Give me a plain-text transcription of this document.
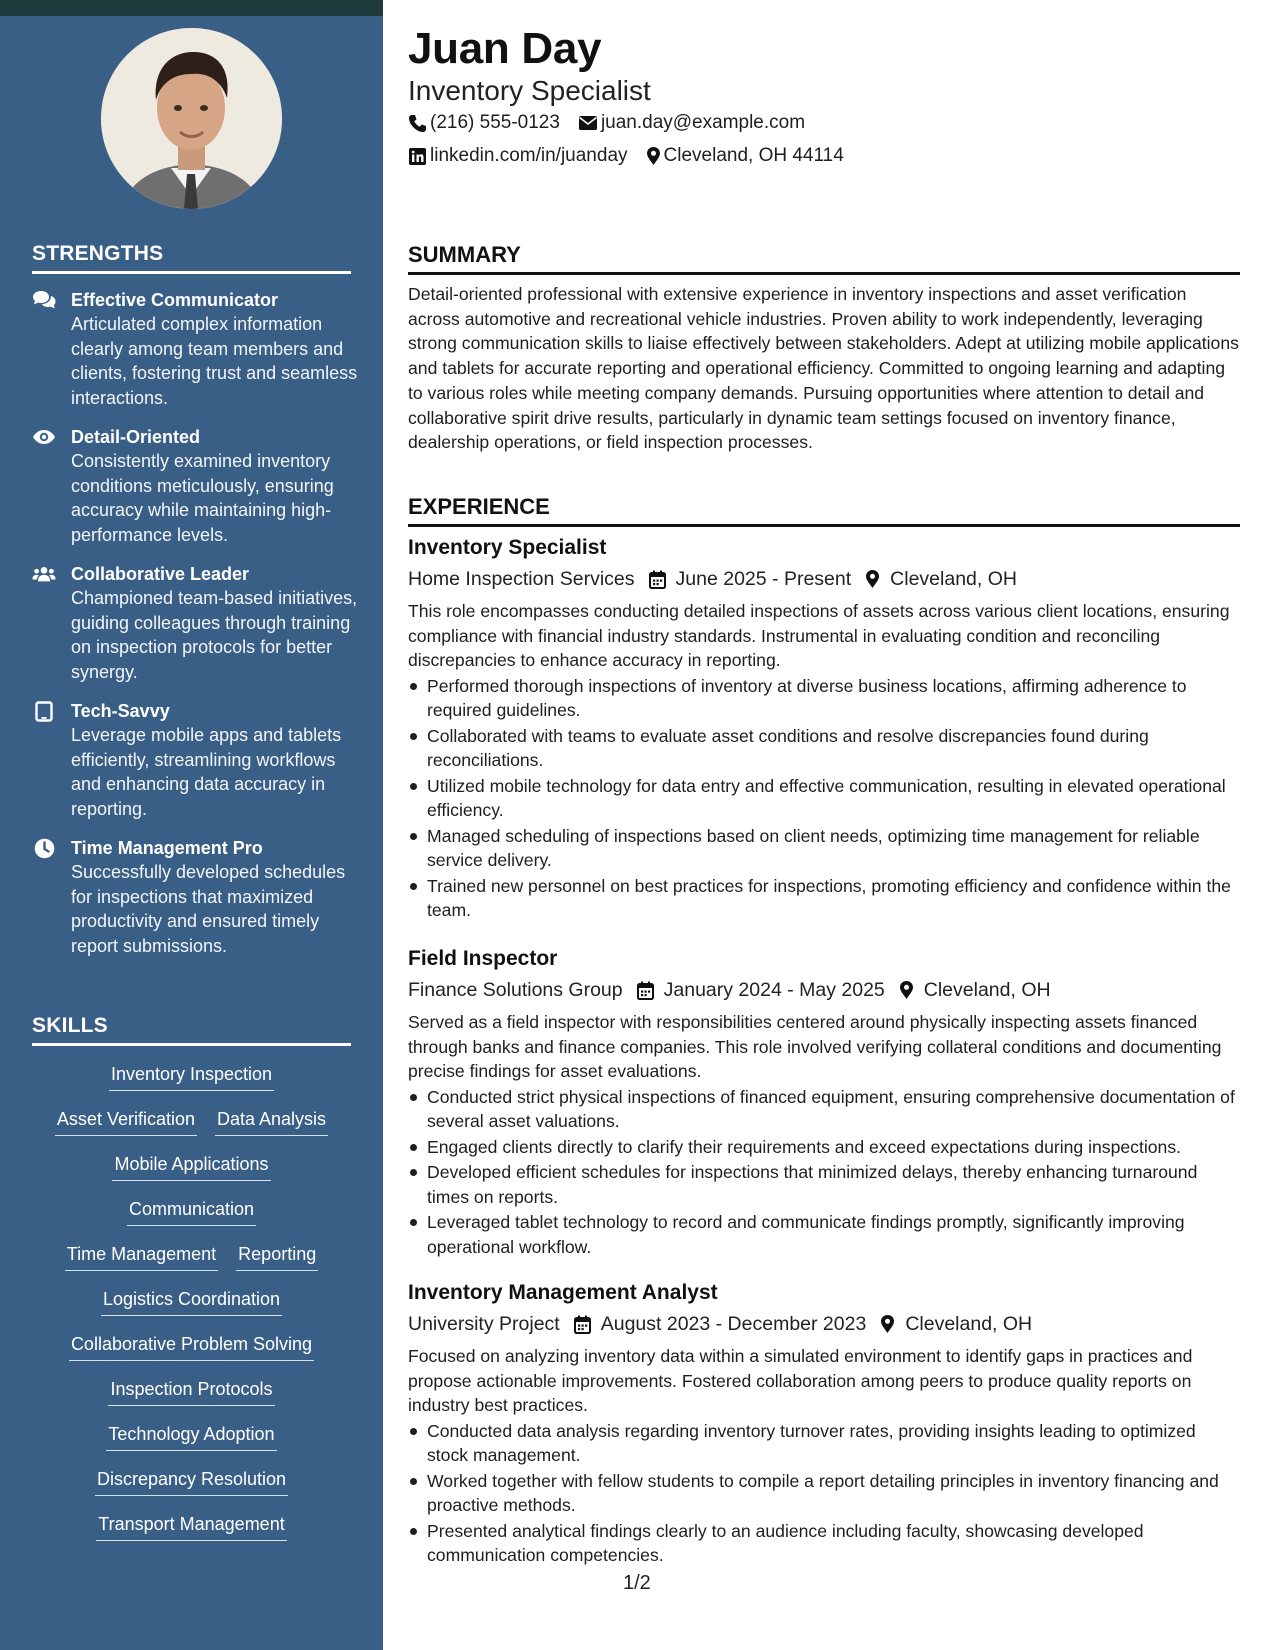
STRENGTHS
Effective Communicator
Articulated complex information clearly among team members and clients, fostering trust and seamless interactions.
Detail-Oriented
Consistently examined inventory conditions meticulously, ensuring accuracy while maintaining high-performance levels.
Collaborative Leader
Championed team-based initiatives, guiding colleagues through training on inspection protocols for better synergy.
Tech-Savvy
Leverage mobile apps and tablets efficiently, streamlining workflows and enhancing data accuracy in reporting.
Time Management Pro
Successfully developed schedules for inspections that maximized productivity and ensured timely report submissions.
SKILLS
Inventory Inspection
Asset Verification Data Analysis
Mobile Applications
Communication
Time Management Reporting
Logistics Coordination
Collaborative Problem Solving
Inspection Protocols
Technology Adoption
Discrepancy Resolution
Transport Management
Juan Day
Inventory Specialist
(216) 555-0123 juan.day@example.com
linkedin.com/in/juanday Cleveland, OH 44114
SUMMARY

Detail-oriented professional with extensive experience in inventory inspections and asset verification across automotive and recreational vehicle industries. Proven ability to work independently, leveraging strong communication skills to liaise effectively between stakeholders. Adept at utilizing mobile applications and tablets for accurate reporting and operational efficiency. Committed to ongoing learning and adapting to various roles while meeting company demands. Pursuing opportunities where attention to detail and collaborative spirit drive results, particularly in dynamic team settings focused on inventory finance, dealership operations, or field inspection processes.

EXPERIENCE
Inventory Specialist
Home Inspection Services June 2025 - Present Cleveland, OH

This role encompasses conducting detailed inspections of assets across various client locations, ensuring compliance with financial industry standards. Instrumental in evaluating condition and reconciling discrepancies to enhance accuracy in reporting.

Performed thorough inspections of inventory at diverse business locations, affirming adherence to required guidelines.
Collaborated with teams to evaluate asset conditions and resolve discrepancies found during reconciliations.
Utilized mobile technology for data entry and effective communication, resulting in elevated operational efficiency.
Managed scheduling of inspections based on client needs, optimizing time management for reliable service delivery.
Trained new personnel on best practices for inspections, promoting efficiency and confidence within the team.
Field Inspector
Finance Solutions Group January 2024 - May 2025 Cleveland, OH

Served as a field inspector with responsibilities centered around physically inspecting assets financed through banks and finance companies. This role involved verifying collateral conditions and documenting precise findings for asset evaluations.

Conducted strict physical inspections of financed equipment, ensuring comprehensive documentation of several asset valuations.
Engaged clients directly to clarify their requirements and exceed expectations during inspections.
Developed efficient schedules for inspections that minimized delays, thereby enhancing turnaround times on reports.
Leveraged tablet technology to record and communicate findings promptly, significantly improving operational workflow.
Inventory Management Analyst
University Project August 2023 - December 2023 Cleveland, OH

Focused on analyzing inventory data within a simulated environment to identify gaps in practices and propose actionable improvements. Fostered collaboration among peers to produce quality reports on industry best practices.

Conducted data analysis regarding inventory turnover rates, providing insights leading to optimized stock management.
Worked together with fellow students to compile a report detailing principles in inventory financing and proactive methods.
Presented analytical findings clearly to an audience including faculty, showcasing developed communication competencies.
1/2
